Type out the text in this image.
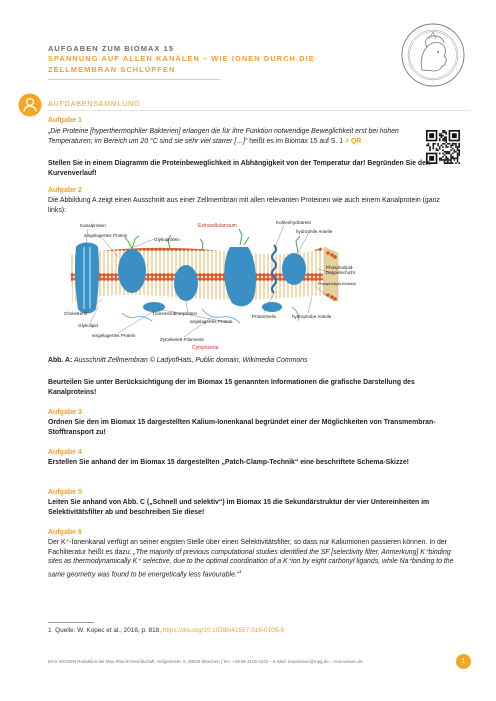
AUFGABEN ZUM BIOMAX 15
SPANNUNG AUF ALLEN KANÄLEN – WIE IONEN DURCH DIE ZELLMEMBRAN SCHLÜPFEN
AUFGABENSAMMLUNG
Aufgabe 1
„Die Proteine [hyperthermophiler Bakterien] erlangen die für ihre Funktion notwendige Beweglichkeit erst bei hohen Temperaturen; im Bereich um 20 °C sind sie sehr viel starrer […]“ heißt es im Biomax 15 auf S. 1 > QR
Stellen Sie in einem Diagramm die Proteinbeweglichkeit in Abhängigkeit von der Temperatur dar! Begründen Sie den Kurvenverlauf!
Aufgabe 2
Die Abbildung A zeigt einen Ausschnitt aus einer Zellmembran mit allen relevanten Proteinen wie auch einem Kanalprotein (ganz links):
Kanalprotein
eingelagertes Protein
Glykoprotein
Extrazellularraum
Kohlenhydratrest
hydrophile Anteile
Phospholipid-Doppelschicht
Phospholipid-Molekül
Cholesterin
Glykolipid
Transmembranprotein
angelagertes Protein
Proteinhelix	hydrophobe Anteile
eingelagertes Protein
Zytoskelett-Filamente
Cytoplasma
Abb. A: Ausschnitt Zellmembran © LadyofHats, Public domain, Wikimedia Commons
Beurteilen Sie unter Berücksichtigung der im Biomax 15 genannten Informationen die grafische Darstellung des Kanalproteins!
Aufgabe 3
Ordnen Sie den im Biomax 15 dargestellten Kalium-Ionenkanal begründet einer der Möglichkeiten von Transmembran-Stofftransport zu!
Aufgabe 4
Erstellen Sie anhand der im Biomax 15 dargestellten „Patch-Clamp-Technik“ eine beschriftete Schema-Skizze!
Aufgabe 5
Leiten Sie anhand von Abb. C („Schnell und selektiv“) im Biomax 15 die Sekundärstruktur der vier Untereinheiten im Selektivitätsfilter ab und beschreiben Sie diese!
Aufgabe 6
Der K⁺-Ionenkanal verfügt an seiner engsten Stelle über einen Selektivitätsfilter, so dass nur Kaliumionen passieren können. In der Fachliteratur heißt es dazu: „The majority of previous computational studies identified the SF [selectivity filter, Anmerkung] K⁺binding sites as thermodynamically K⁺ selective, due to the optimal coordination of a K⁺ion by eight carbonyl ligands, while Na⁺binding to the same geometry was found to be energetically less favourable.“$^1$
1 Quelle: W. Kopec et al., 2018, p. 818, https://doi.org/10.1038/s41557-018-0105-9
MAX WISSEN Redaktion der Max-Planck-Gesellschaft, Hofgartenstr. 8, 80539 München | Tel.: +49 89 2108-1242 – E-Mail: maxwissen@mpg.de – max-wissen.de	1
